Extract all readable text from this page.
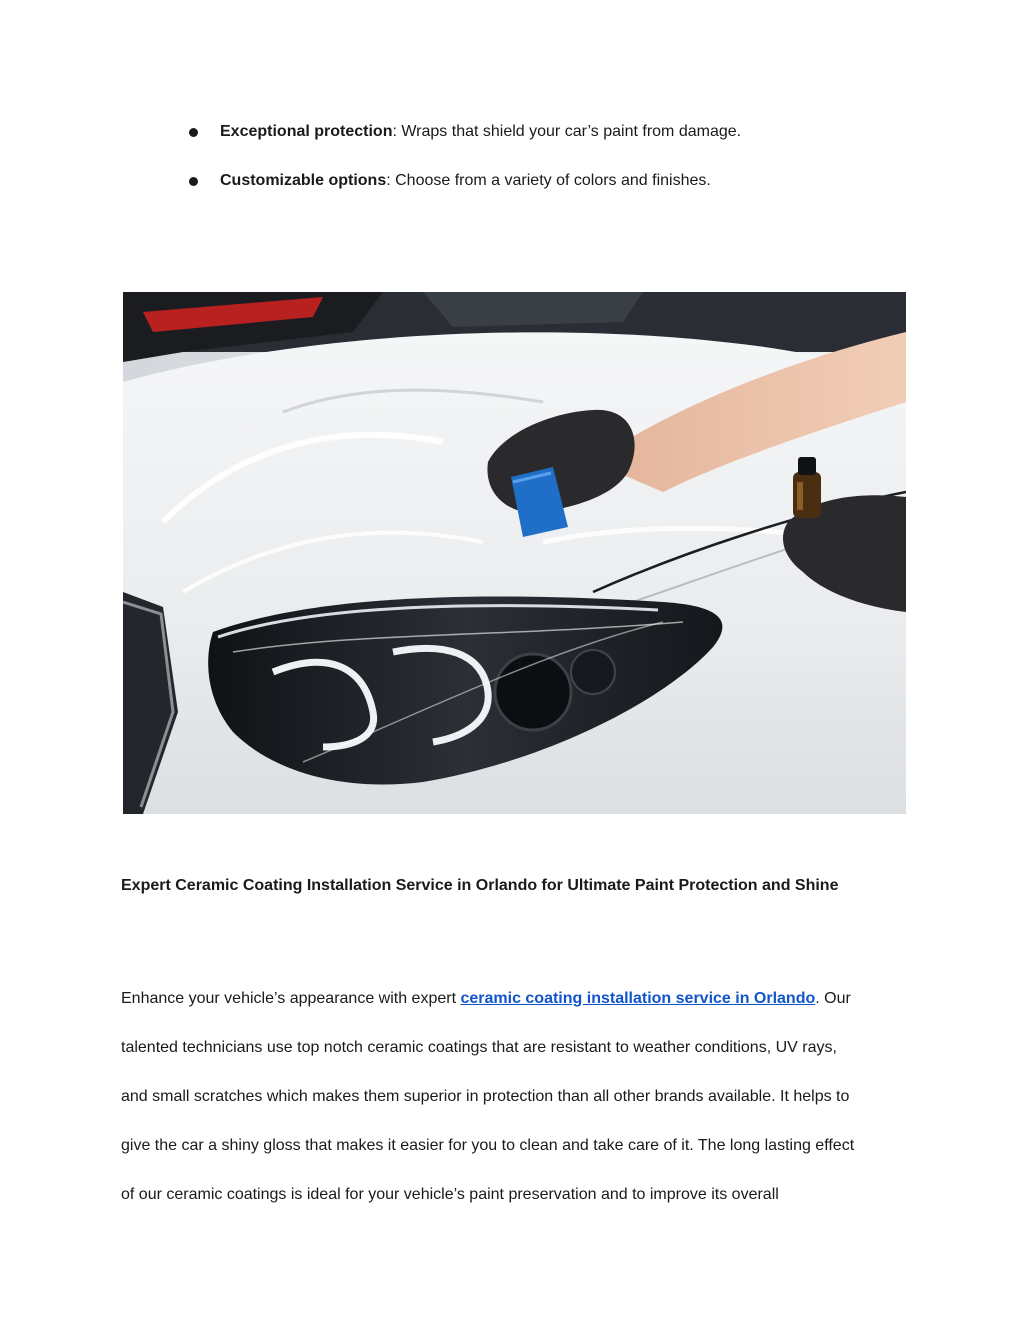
Exceptional protection: Wraps that shield your car’s paint from damage.
Customizable options: Choose from a variety of colors and finishes.
Expert Ceramic Coating Installation Service in Orlando for Ultimate Paint Protection and Shine

Enhance your vehicle’s appearance with expert ceramic coating installation service in Orlando. Our
talented technicians use top notch ceramic coatings that are resistant to weather conditions, UV rays,
and small scratches which makes them superior in protection than all other brands available. It helps to
give the car a shiny gloss that makes it easier for you to clean and take care of it. The long lasting effect
of our ceramic coatings is ideal for your vehicle’s paint preservation and to improve its overall
